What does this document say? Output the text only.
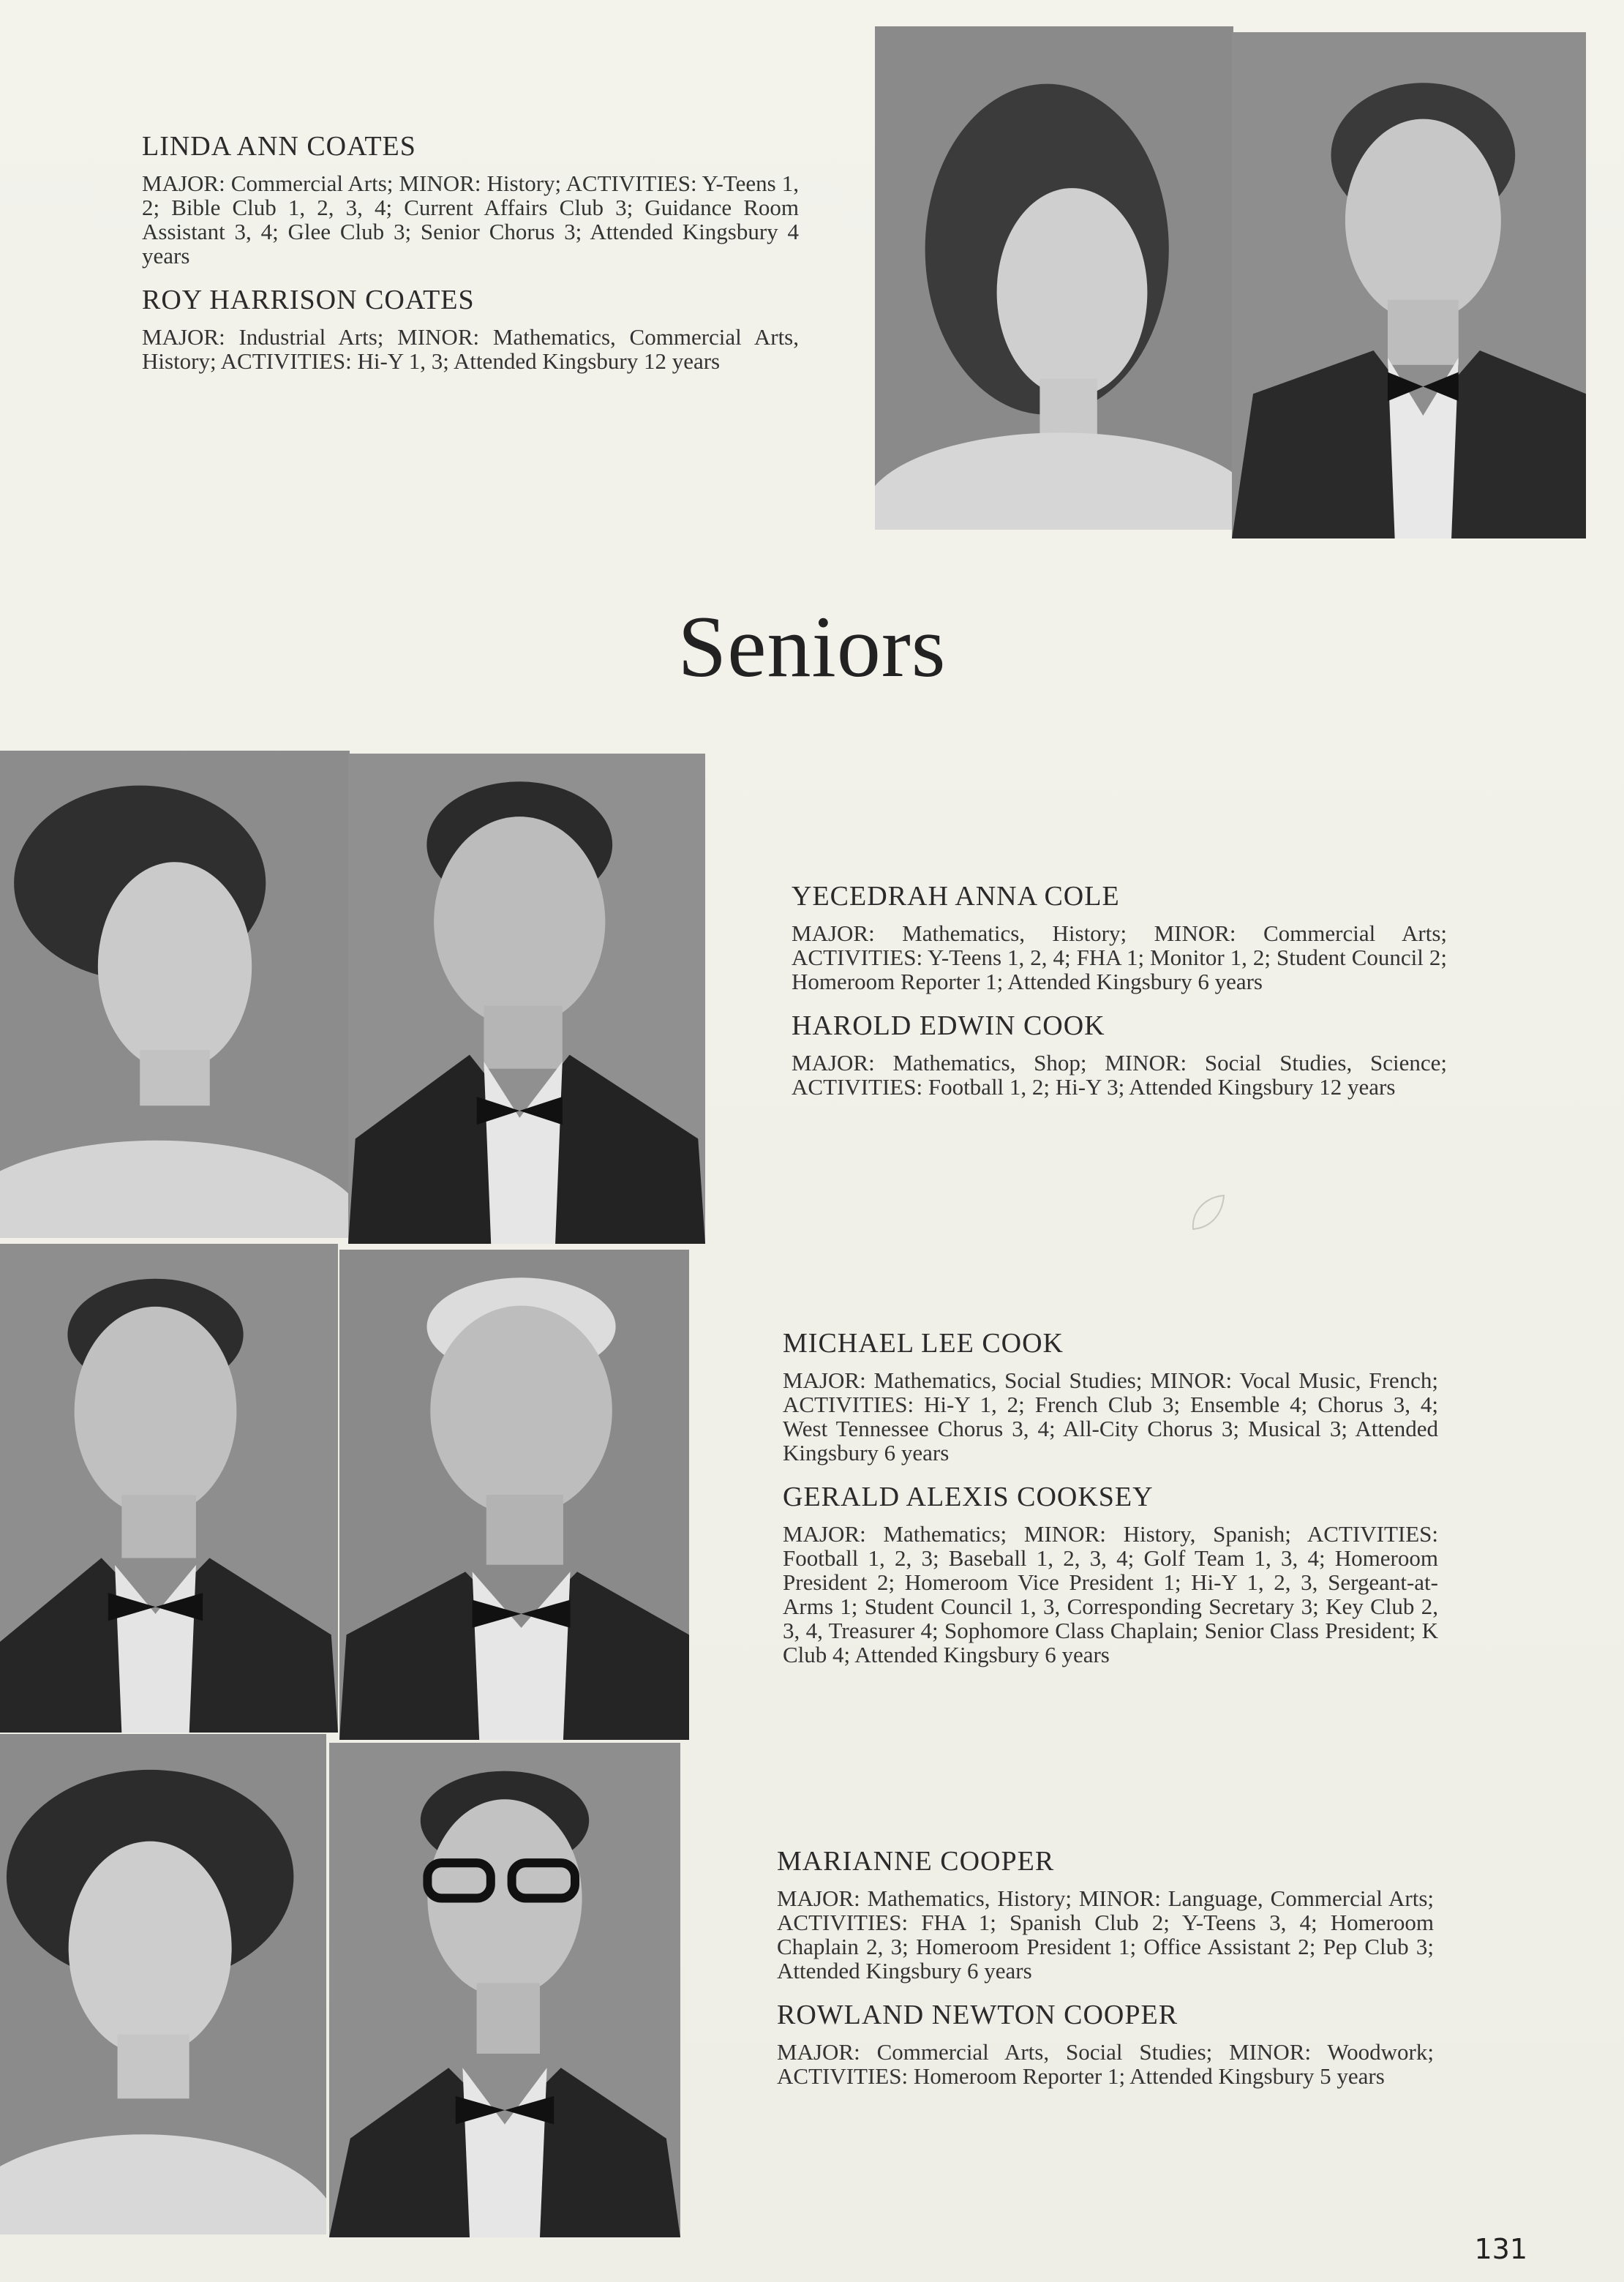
LINDA ANN COATES

MAJOR: Commercial Arts; MINOR: History; ACTIVITIES: Y-Teens 1, 2; Bible Club 1, 2, 3, 4; Current Affairs Club 3; Guidance Room Assistant 3, 4; Glee Club 3; Senior Chorus 3; Attended Kingsbury 4 years

ROY HARRISON COATES

MAJOR: Industrial Arts; MINOR: Mathematics, Commercial Arts, History; ACTIVITIES: Hi-Y 1, 3; Attended Kingsbury 12 years

Seniors
YECEDRAH ANNA COLE

MAJOR: Mathematics, History; MINOR: Commercial Arts; ACTIVITIES: Y-Teens 1, 2, 4; FHA 1; Monitor 1, 2; Student Council 2; Homeroom Reporter 1; Attended Kingsbury 6 years

HAROLD EDWIN COOK

MAJOR: Mathematics, Shop; MINOR: Social Studies, Science; ACTIVITIES: Football 1, 2; Hi-Y 3; Attended Kingsbury 12 years

MICHAEL LEE COOK

MAJOR: Mathematics, Social Studies; MINOR: Vocal Music, French; ACTIVITIES: Hi-Y 1, 2; French Club 3; Ensemble 4; Chorus 3, 4; West Tennessee Chorus 3, 4; All-City Chorus 3; Musical 3; Attended Kingsbury 6 years

GERALD ALEXIS COOKSEY

MAJOR: Mathematics; MINOR: History, Spanish; ACTIVITIES: Football 1, 2, 3; Baseball 1, 2, 3, 4; Golf Team 1, 3, 4; Homeroom President 2; Homeroom Vice President 1; Hi-Y 1, 2, 3, Sergeant-at-Arms 1; Student Council 1, 3, Corresponding Secretary 3; Key Club 2, 3, 4, Treasurer 4; Sophomore Class Chaplain; Senior Class President; K Club 4; Attended Kingsbury 6 years

MARIANNE COOPER

MAJOR: Mathematics, History; MINOR: Language, Commercial Arts; ACTIVITIES: FHA 1; Spanish Club 2; Y-Teens 3, 4; Homeroom Chaplain 2, 3; Homeroom President 1; Office Assistant 2; Pep Club 3; Attended Kingsbury 6 years

ROWLAND NEWTON COOPER

MAJOR: Commercial Arts, Social Studies; MINOR: Woodwork; ACTIVITIES: Homeroom Reporter 1; Attended Kingsbury 5 years

131
